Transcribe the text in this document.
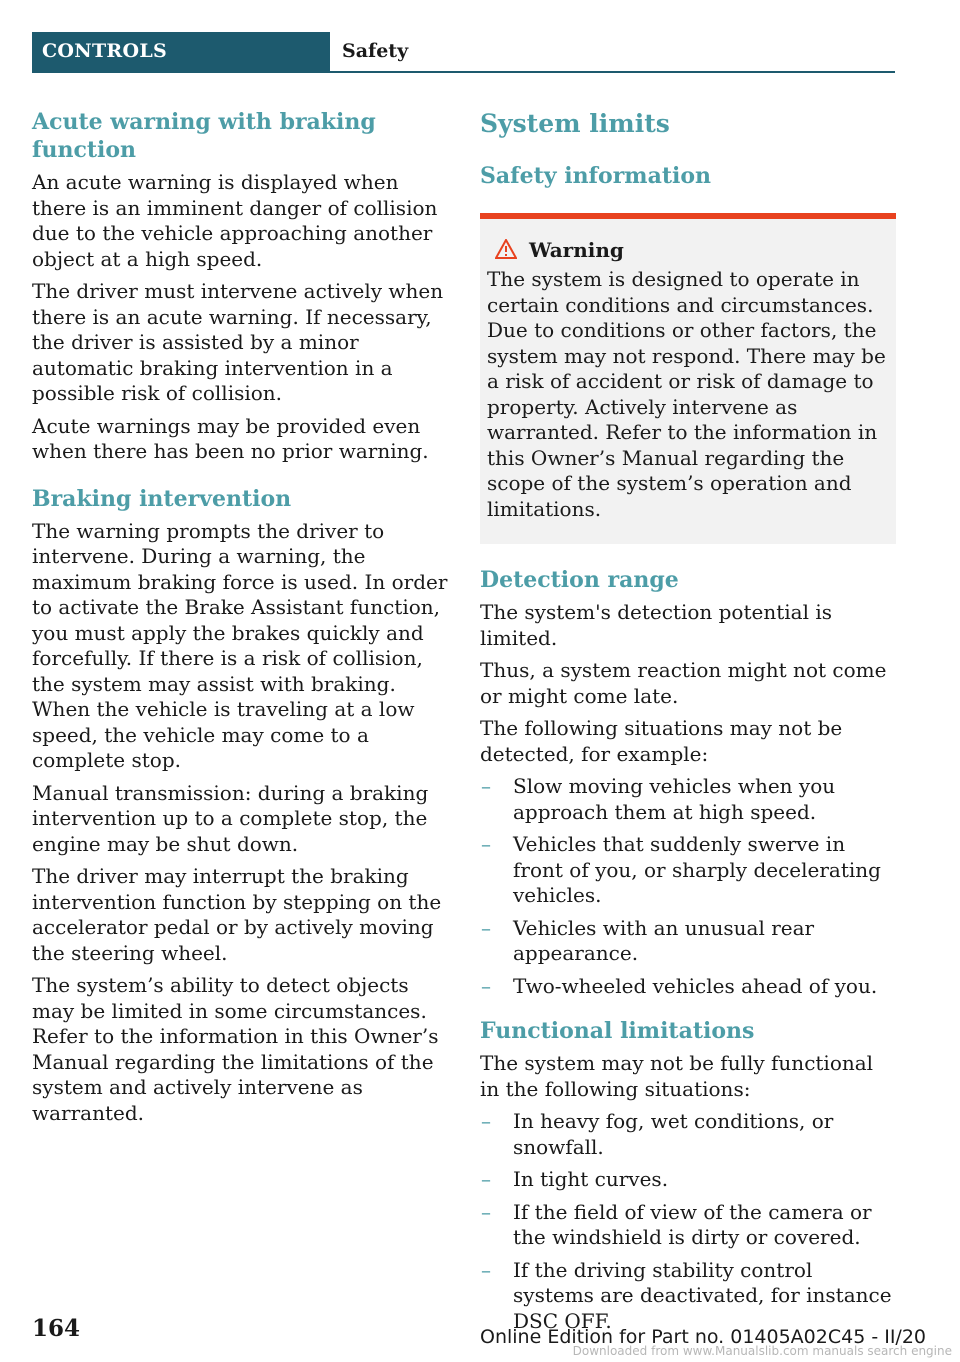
CONTROLS	Safety
Acute warning with braking function

An acute warning is displayed when there is an imminent danger of collision due to the vehicle approaching another object at a high speed.

The driver must intervene actively when there is an acute warning. If necessary, the driver is assisted by a minor automatic braking intervention in a possible risk of collision.

Acute warnings may be provided even when there has been no prior warning.

Braking intervention

The warning prompts the driver to intervene. During a warning, the maximum braking force is used. In order to activate the Brake Assistant function, you must apply the brakes quickly and forcefully. If there is a risk of collision, the system may assist with braking. When the vehicle is traveling at a low speed, the vehicle may come to a complete stop.

Manual transmission: during a braking intervention up to a complete stop, the engine may be shut down.

The driver may interrupt the braking intervention function by stepping on the accelerator pedal or by actively moving the steering wheel.

The system’s ability to detect objects may be limited in some circumstances. Refer to the information in this Owner’s Manual regarding the limitations of the system and actively intervene as warranted.

System limits
Safety information
Warning

The system is designed to operate in certain conditions and circumstances. Due to conditions or other factors, the system may not respond. There may be a risk of accident or risk of damage to property. Actively intervene as warranted. Refer to the information in this Owner’s Manual regarding the scope of the system’s operation and limitations.

Detection range

The system's detection potential is limited.

Thus, a system reaction might not come or might come late.

The following situations may not be detected, for example:

– Slow moving vehicles when you approach them at high speed.
– Vehicles that suddenly swerve in front of you, or sharply decelerating vehicles.
– Vehicles with an unusual rear appearance.
– Two-wheeled vehicles ahead of you.
Functional limitations

The system may not be fully functional in the following situations:

– In heavy fog, wet conditions, or snowfall.
– In tight curves.
– If the field of view of the camera or the windshield is dirty or covered.
– If the driving stability control systems are deactivated, for instance DSC OFF.
164	Online Edition for Part no. 01405A02C45 - II/20
Downloaded from www.Manualslib.com manuals search engine
